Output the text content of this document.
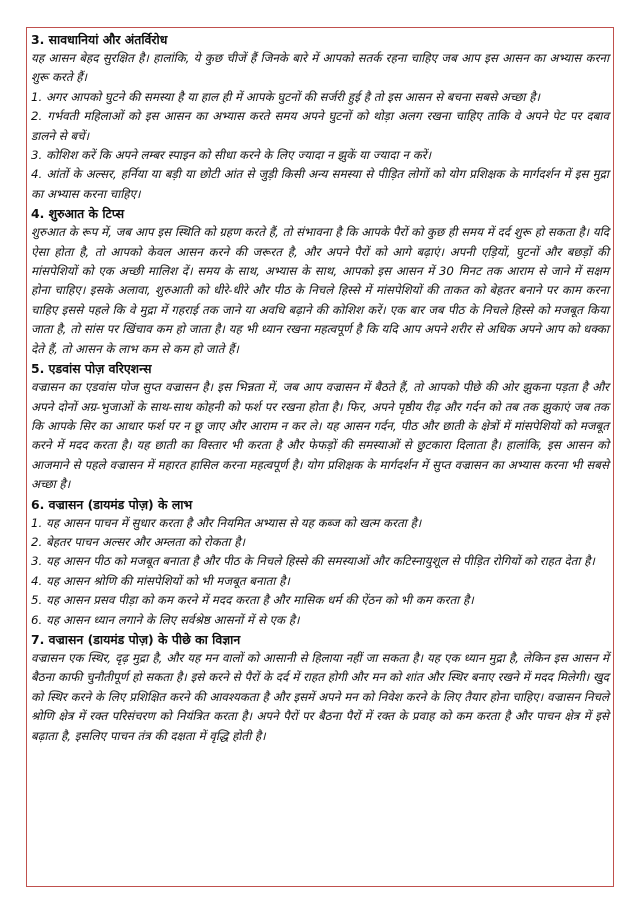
3. सावधानियां और अंतर्विरोध

यह आसन बेहद सुरक्षित है। हालांकि, ये कुछ चीजें हैं जिनके बारे में आपको सतर्क रहना चाहिए जब आप इस आसन का अभ्यास करना शुरू करते हैं।

1. अगर आपको घुटने की समस्या है या हाल ही में आपके घुटनों की सर्जरी हुई है तो इस आसन से बचना सबसे अच्छा है।

2. गर्भवती महिलाओं को इस आसन का अभ्यास करते समय अपने घुटनों को थोड़ा अलग रखना चाहिए ताकि वे अपने पेट पर दबाव डालने से बचें।

3. कोशिश करें कि अपने लम्बर स्पाइन को सीधा करने के लिए ज्यादा न झुकें या ज्यादा न करें।

4. आंतों के अल्सर, हर्निया या बड़ी या छोटी आंत से जुड़ी किसी अन्य समस्या से पीड़ित लोगों को योग प्रशिक्षक के मार्गदर्शन में इस मुद्रा का अभ्यास करना चाहिए।

4. शुरुआत के टिप्स

शुरुआत के रूप में, जब आप इस स्थिति को ग्रहण करते हैं, तो संभावना है कि आपके पैरों को कुछ ही समय में दर्द शुरू हो सकता है। यदि ऐसा होता है, तो आपको केवल आसन करने की जरूरत है, और अपने पैरों को आगे बढ़ाएं। अपनी एड़ियों, घुटनों और बछड़ों की मांसपेशियों को एक अच्छी मालिश दें। समय के साथ, अभ्यास के साथ, आपको इस आसन में 30 मिनट तक आराम से जाने में सक्षम होना चाहिए। इसके अलावा, शुरुआती को धीरे-धीरे और पीठ के निचले हिस्से में मांसपेशियों की ताकत को बेहतर बनाने पर काम करना चाहिए इससे पहले कि वे मुद्रा में गहराई तक जाने या अवधि बढ़ाने की कोशिश करें। एक बार जब पीठ के निचले हिस्से को मजबूत किया जाता है, तो सांस पर खिंचाव कम हो जाता है। यह भी ध्यान रखना महत्वपूर्ण है कि यदि आप अपने शरीर से अधिक अपने आप को धक्का देते हैं, तो आसन के लाभ कम से कम हो जाते हैं।

5. एडवांस पोज़ वरिएशन्स

वज्रासन का एडवांस पोज सुप्त वज्रासन है। इस भिन्नता में, जब आप वज्रासन में बैठते हैं, तो आपको पीछे की ओर झुकना पड़ता है और अपने दोनों अग्र-भुजाओं के साथ-साथ कोहनी को फर्श पर रखना होता है। फिर, अपने पृष्ठीय रीढ़ और गर्दन को तब तक झुकाएं जब तक कि आपके सिर का आधार फर्श पर न छू जाए और आराम न कर ले। यह आसन गर्दन, पीठ और छाती के क्षेत्रों में मांसपेशियों को मजबूत करने में मदद करता है। यह छाती का विस्तार भी करता है और फेफड़ों की समस्याओं से छुटकारा दिलाता है। हालांकि, इस आसन को आजमाने से पहले वज्रासन में महारत हासिल करना महत्वपूर्ण है। योग प्रशिक्षक के मार्गदर्शन में सुप्त वज्रासन का अभ्यास करना भी सबसे अच्छा है।

6. वज्रासन (डायमंड पोज़) के लाभ

1. यह आसन पाचन में सुधार करता है और नियमित अभ्यास से यह कब्ज को खत्म करता है।

2. बेहतर पाचन अल्सर और अम्लता को रोकता है।

3. यह आसन पीठ को मजबूत बनाता है और पीठ के निचले हिस्से की समस्याओं और कटिस्नायुशूल से पीड़ित रोगियों को राहत देता है।

4. यह आसन श्रोणि की मांसपेशियों को भी मजबूत बनाता है।

5. यह आसन प्रसव पीड़ा को कम करने में मदद करता है और मासिक धर्म की ऐंठन को भी कम करता है।

6. यह आसन ध्यान लगाने के लिए सर्वश्रेष्ठ आसनों में से एक है।

7. वज्रासन (डायमंड पोज़) के पीछे का विज्ञान

वज्रासन एक स्थिर, दृढ़ मुद्रा है, और यह मन वालों को आसानी से हिलाया नहीं जा सकता है। यह एक ध्यान मुद्रा है, लेकिन इस आसन में बैठना काफी चुनौतीपूर्ण हो सकता है। इसे करने से पैरों के दर्द में राहत होगी और मन को शांत और स्थिर बनाए रखने में मदद मिलेगी। खुद को स्थिर करने के लिए प्रशिक्षित करने की आवश्यकता है और इसमें अपने मन को निवेश करने के लिए तैयार होना चाहिए। वज्रासन निचले श्रोणि क्षेत्र में रक्त परिसंचरण को नियंत्रित करता है। अपने पैरों पर बैठना पैरों में रक्त के प्रवाह को कम करता है और पाचन क्षेत्र में इसे बढ़ाता है, इसलिए पाचन तंत्र की दक्षता में वृद्धि होती है।
